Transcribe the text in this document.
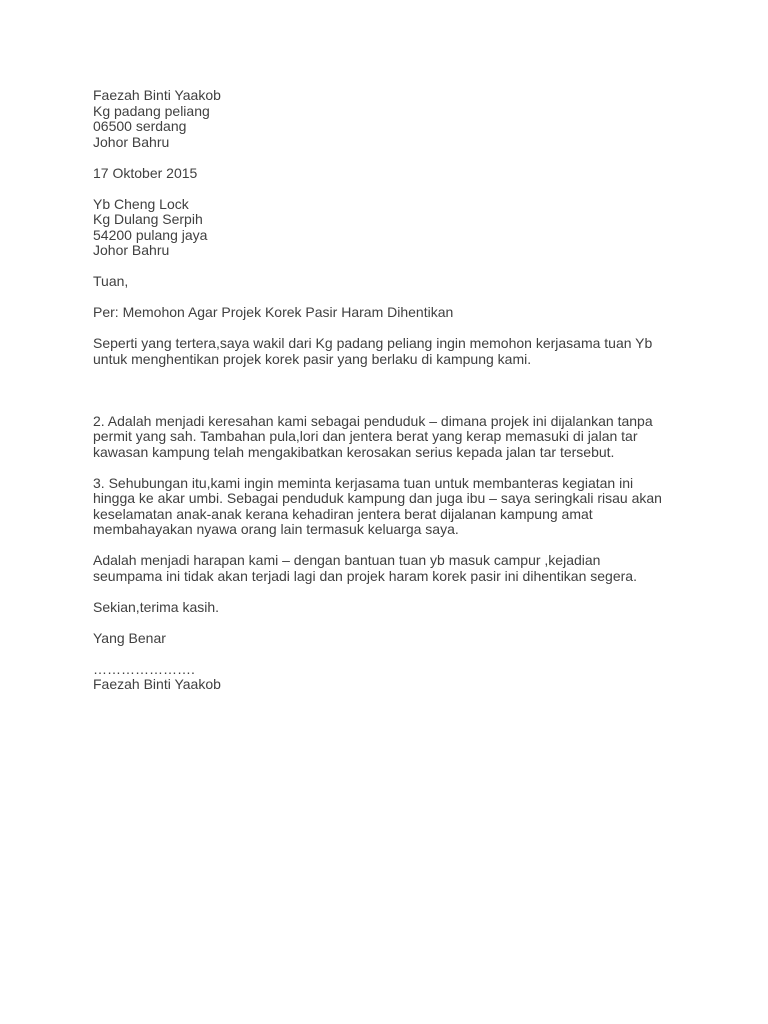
Faezah Binti Yaakob
Kg padang peliang
06500 serdang
Johor Bahru
17 Oktober 2015
Yb Cheng Lock
Kg Dulang Serpih
54200 pulang jaya
Johor Bahru
Tuan,
Per: Memohon Agar Projek Korek Pasir Haram Dihentikan
Seperti yang tertera,saya wakil dari Kg padang peliang ingin memohon kerjasama tuan Yb
untuk menghentikan projek korek pasir yang berlaku di kampung kami.
2. Adalah menjadi keresahan kami sebagai penduduk – dimana projek ini dijalankan tanpa
permit yang sah. Tambahan pula,lori dan jentera berat yang kerap memasuki di jalan tar
kawasan kampung telah mengakibatkan kerosakan serius kepada jalan tar tersebut.
3. Sehubungan itu,kami ingin meminta kerjasama tuan untuk membanteras kegiatan ini
hingga ke akar umbi. Sebagai penduduk kampung dan juga ibu – saya seringkali risau akan
keselamatan anak-anak kerana kehadiran jentera berat dijalanan kampung amat
membahayakan nyawa orang lain termasuk keluarga saya.
Adalah menjadi harapan kami – dengan bantuan tuan yb masuk campur ,kejadian
seumpama ini tidak akan terjadi lagi dan projek haram korek pasir ini dihentikan segera.
Sekian,terima kasih.
Yang Benar
………………….
Faezah Binti Yaakob
